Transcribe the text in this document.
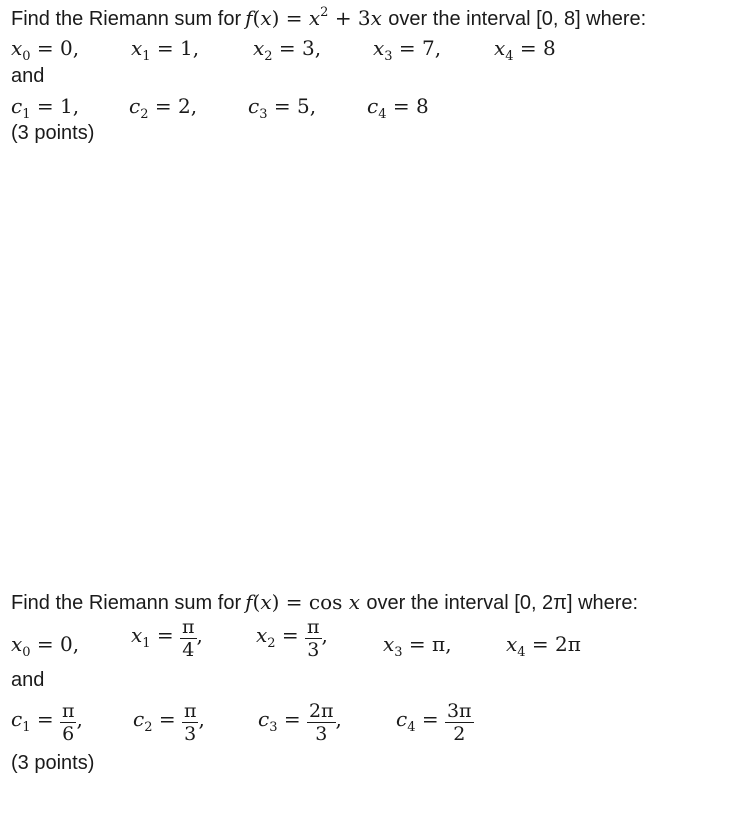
Find the Riemann sum for $f(x) = x^2 + 3x$ over the interval [0, 8] where:
$x_0 = 0$,	$x_1 = 1$,	$x_2 = 3$,	$x_3 = 7$,	$x_4 = 8$
and
$c_1 = 1$, $c_2 = 2$,	$c_3 = 5$,	$c_4 = 8$
(3 points)
Find the Riemann sum for f(x) = cos x over the interval [0, 2π] where:
$x_0 = 0$,	$x_1 = \frac{\pi}{4}$ ,	$x_2 = \frac{\pi}{3}$ ,	$x_3 = \pi$,	$x_4 = 2\pi$
and
$c_1 = \frac{\pi}{6}$ ,	$c_2 = \frac{\pi}{3}$ ,	$c_3 = \frac{2\pi}{3}$ ,	$c_4 = \frac{3\pi}{2}$
(3 points)
